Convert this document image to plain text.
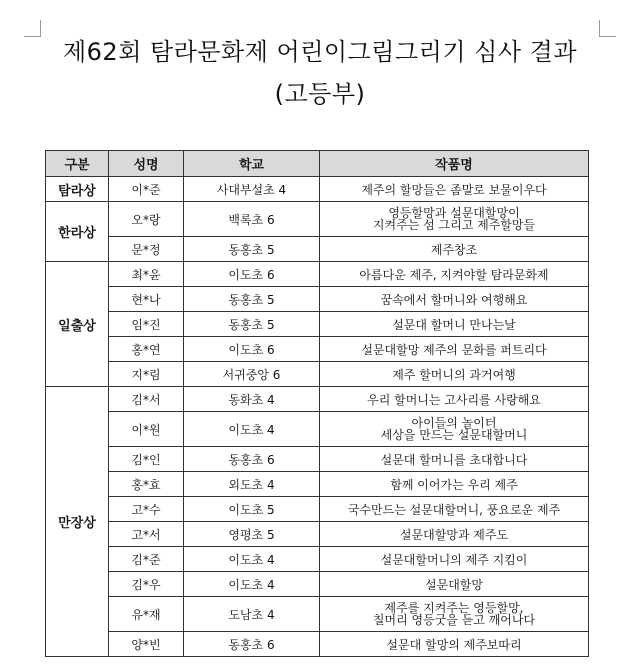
제62회 탐라문화제 어린이그림그리기 심사 결과
(고등부)
구분	성명	학교	작품명
탐라상	이*준	사대부설초 4	제주의 할망들은 좀말로 보물이우다
한라상	오*랑	백록초 6	영등할망과 설문대할망이
지켜주는 섬 그리고 제주할망들

	문*정	동홍초 5	제주창조
일출상	최*윤	이도초 6	아름다운 제주, 지켜야할 탐라문화제
	현*나	동홍초 5	꿈속에서 할머니와 여행해요
	임*진	동홍초 5	설문대 할머니 만나는날
	홍*연	이도초 6	설문대할망 제주의 문화를 퍼트리다
	지*림	서귀중앙 6	제주 할머니의 과거여행
만장상	김*서	동화초 4	우리 할머니는 고사리를 사랑해요
	이*원	이도초 4	아이들의 놀이터
세상을 만드는 설문대할머니

	김*인	동홍초 6	설문대 할머니를 초대합니다
	홍*효	외도초 4	함께 이어가는 우리 제주
	고*수	이도초 5	국수만드는 설문대할머니, 풍요로운 제주
	고*서	영평초 5	설문대할망과 제주도
	김*준	이도초 4	설문대할머니의 제주 지킴이
	김*우	이도초 4	설문대할망
	유*재	도남초 4	제주를 지켜주는 영등할망,
칠머리 영등굿을 듣고 깨어나다

	양*빈	동홍초 6	설문대 할망의 제주보따리
